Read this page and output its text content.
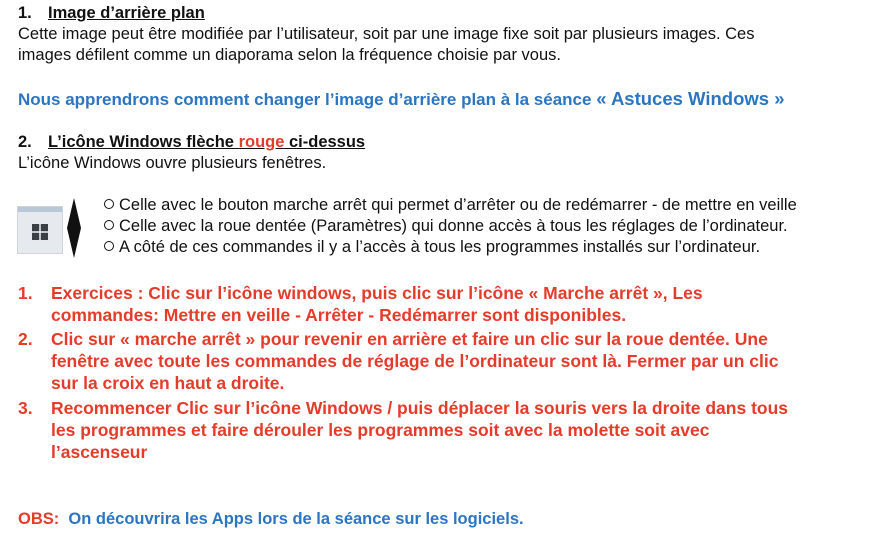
1. Image d’arrière plan
Cette image peut être modifiée par l’utilisateur, soit par une image fixe soit par plusieurs images. Ces
images défilent comme un diaporama selon la fréquence choisie par vous.
Nous apprendrons comment changer l’image d’arrière plan à la séance « Astuces Windows »
2. L’icône Windows flèche rouge ci-dessus
L’icône Windows ouvre plusieurs fenêtres.
Celle avec le bouton marche arrêt qui permet d’arrêter ou de redémarrer - de mettre en veille
Celle avec la roue dentée (Paramètres) qui donne accès à tous les réglages de l’ordinateur.
A côté de ces commandes il y a l’accès à tous les programmes installés sur l’ordinateur.
1. Exercices : Clic sur l’icône windows, puis clic sur l’icône « Marche arrêt », Les
commandes: Mettre en veille - Arrêter - Redémarrer sont disponibles.
2. Clic sur « marche arrêt » pour revenir en arrière et faire un clic sur la roue dentée. Une
fenêtre avec toute les commandes de réglage de l’ordinateur sont là. Fermer par un clic
sur la croix en haut a droite.
3. Recommencer Clic sur l’icône Windows / puis déplacer la souris vers la droite dans tous
les programmes et faire dérouler les programmes soit avec la molette soit avec
l’ascenseur
OBS: On découvrira les Apps lors de la séance sur les logiciels.
